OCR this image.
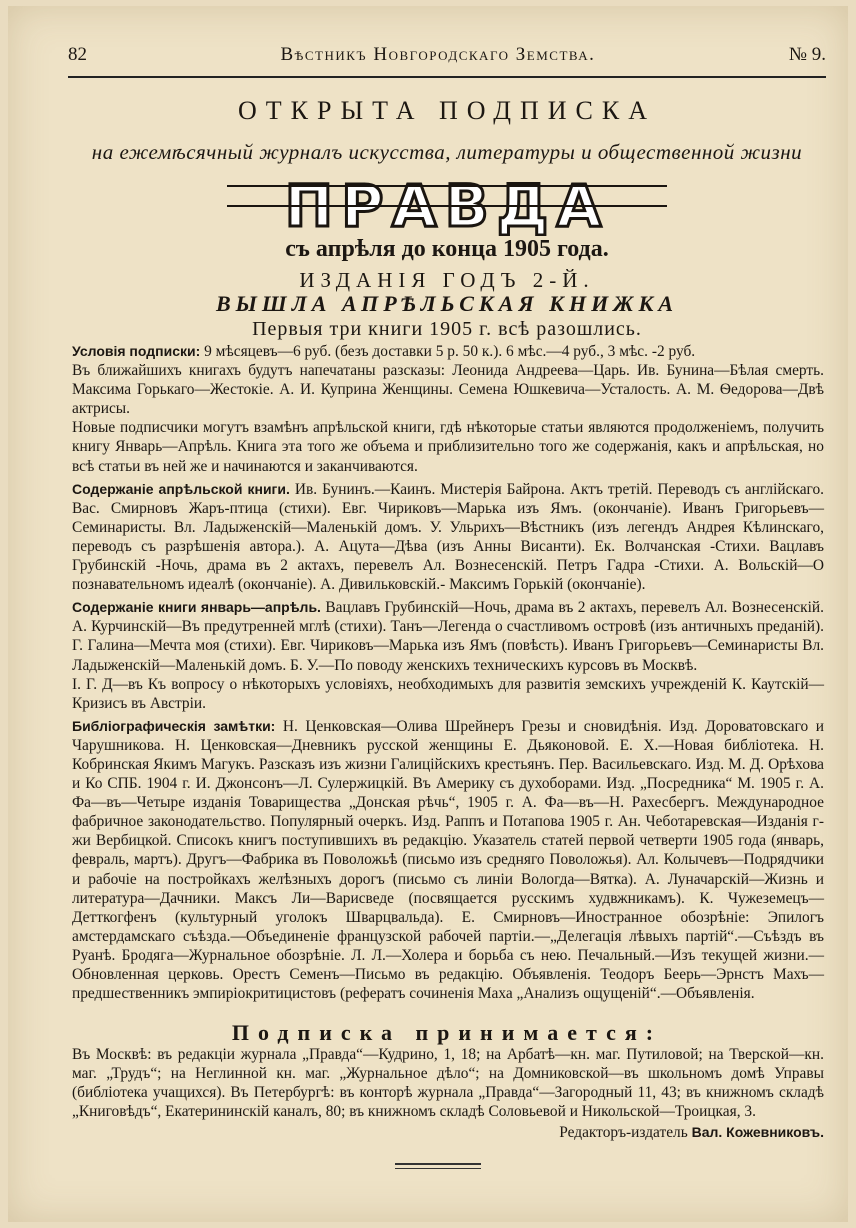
82	Вѣстникъ Новгородскаго Земства.	№ 9.
ОТКРЫТА ПОДПИСКА
на ежемѣсячный журналъ искусства, литературы и общественной жизни
ПРАВДА
съ апрѣля до конца 1905 года.
ИЗДАНІЯ ГОДЪ 2-Й.
ВЫШЛА АПРѢЛЬСКАЯ КНИЖКА
Первыя три книги 1905 г. всѣ разошлись.

Условія подписки: 9 мѣсяцевъ—6 руб. (безъ доставки 5 р. 50 к.). 6 мѣс.—4 руб., 3 мѣс. -2 руб.

Въ ближайшихъ книгахъ будутъ напечатаны разсказы: Леонида Андреева—Царь. Ив. Бунина—Бѣлая смерть. Максима Горькаго—Жестокіе. А. И. Куприна Женщины. Семена Юшкевича—Усталость. А. М. Ѳедорова—Двѣ актрисы.

Новые подписчики могутъ взамѣнъ апрѣльской книги, гдѣ нѣкоторые статьи являются продолженіемъ, получить книгу Январь—Апрѣль. Книга эта того же объема и приблизительно того же содержанія, какъ и апрѣльская, но всѣ статьи въ ней же и начинаются и заканчиваются.

Содержаніе апрѣльской книги. Ив. Бунинъ.—Каинъ. Мистерія Байрона. Актъ третій. Переводъ съ англійскаго. Вас. Смирновъ Жаръ-птица (стихи). Евг. Чириковъ—Марька изъ Ямъ. (окончаніе). Иванъ Григорьевъ—Семинаристы. Вл. Ладыженскій—Маленькій домъ. У. Ульрихъ—Вѣстникъ (изъ легендъ Андрея Кѣлинскаго, переводъ съ разрѣшенія автора.). А. Ацута—Дѣва (изъ Анны Висанти). Ек. Волчанская -Стихи. Вацлавъ Грубинскій -Ночь, драма въ 2 актахъ, перевелъ Ал. Вознесенскій. Петръ Гадра -Стихи. А. Вольскій—О познавательномъ идеалѣ (окончаніе). А. Дивильковскій.- Максимъ Горькій (окончаніе).

Содержаніе книги январь—апрѣль. Вацлавъ Грубинскій—Ночь, драма въ 2 актахъ, перевелъ Ал. Вознесенскій. А. Курчинскій—Въ предутренней мглѣ (стихи). Танъ—Легенда о счастливомъ островѣ (изъ античныхъ преданій). Г. Галина—Мечта моя (стихи). Евг. Чириковъ—Марька изъ Ямъ (повѣсть). Иванъ Григорьевъ—Семинаристы Вл. Ладыженскій—Маленькій домъ. Б. У.—По поводу женскихъ техническихъ курсовъ въ Москвѣ.

I. Г. Д—въ Къ вопросу о нѣкоторыхъ условіяхъ, необходимыхъ для развитія земскихъ учрежденій К. Каутскій—Кризисъ въ Австріи.

Библіографическія замѣтки: Н. Ценковская—Олива Шрейнеръ Грезы и сновидѣнія. Изд. Дороватовскаго и Чарушникова. Н. Ценковская—Дневникъ русской женщины Е. Дьяконовой. Е. Х.—Новая библіотека. Н. Кобринская Якимъ Магукъ. Разсказъ изъ жизни Галиційскихъ крестьянъ. Пер. Васильевскаго. Изд. М. Д. Орѣхова и Ко СПБ. 1904 г. И. Джонсонъ—Л. Сулержицкій. Въ Америку съ духоборами. Изд. „Посредника“ М. 1905 г. А. Фа—въ—Четыре изданія Товарищества „Донская рѣчь“, 1905 г. А. Фа—въ—Н. Рахесбергъ. Международное фабричное законодательство. Популярный очеркъ. Изд. Раппъ и Потапова 1905 г. Ан. Чеботаревская—Изданія г-жи Вербицкой. Списокъ книгъ поступившихъ въ редакцію. Указатель статей первой четверти 1905 года (январь, февраль, мартъ). Другъ—Фабрика въ Поволожьѣ (письмо изъ средняго Поволожья). Ал. Колычевъ—Подрядчики и рабочіе на постройкахъ желѣзныхъ дорогъ (письмо съ линіи Вологда—Вятка). А. Луначарскій—Жизнь и литература—Дачники. Максъ Ли—Варисведе (посвящается русскимъ худвжникамъ). К. Чужеземецъ—Детткогфенъ (культурный уголокъ Шварцвальда). Е. Смирновъ—Иностранное обозрѣніе: Эпилогъ амстердамскаго съѣзда.—Объединеніе французской рабочей партіи.—„Делегація лѣвыхъ партій“.—Съѣздъ въ Руанѣ. Бродяга—Журнальное обозрѣніе. Л. Л.—Холера и борьба съ нею. Печальный.—Изъ текущей жизни.—Обновленная церковь. Орестъ Семенъ—Письмо въ редакцію. Объявленія. Теодоръ Беерь—Эрнстъ Махъ—предшественникъ эмпиріокритицистовъ (рефератъ сочиненія Маха „Анализъ ощущеній“.—Объявленія.

Подписка принимается:

Въ Москвѣ: въ редакціи журнала „Правда“—Кудрино, 1, 18; на Арбатѣ—кн. маг. Путиловой; на Тверской—кн. маг. „Трудъ“; на Неглинной кн. маг. „Журнальное дѣло“; на Домниковской—въ школьномъ домѣ Управы (библіотека учащихся). Въ Петербургѣ: въ конторѣ журнала „Правда“—Загородный 11, 43; въ книжномъ складѣ „Книговѣдъ“, Екатерининскій каналъ, 80; въ книжномъ складѣ Соловьевой и Никольской—Троицкая, 3.

Редакторъ-издатель Вал. Кожевниковъ.
